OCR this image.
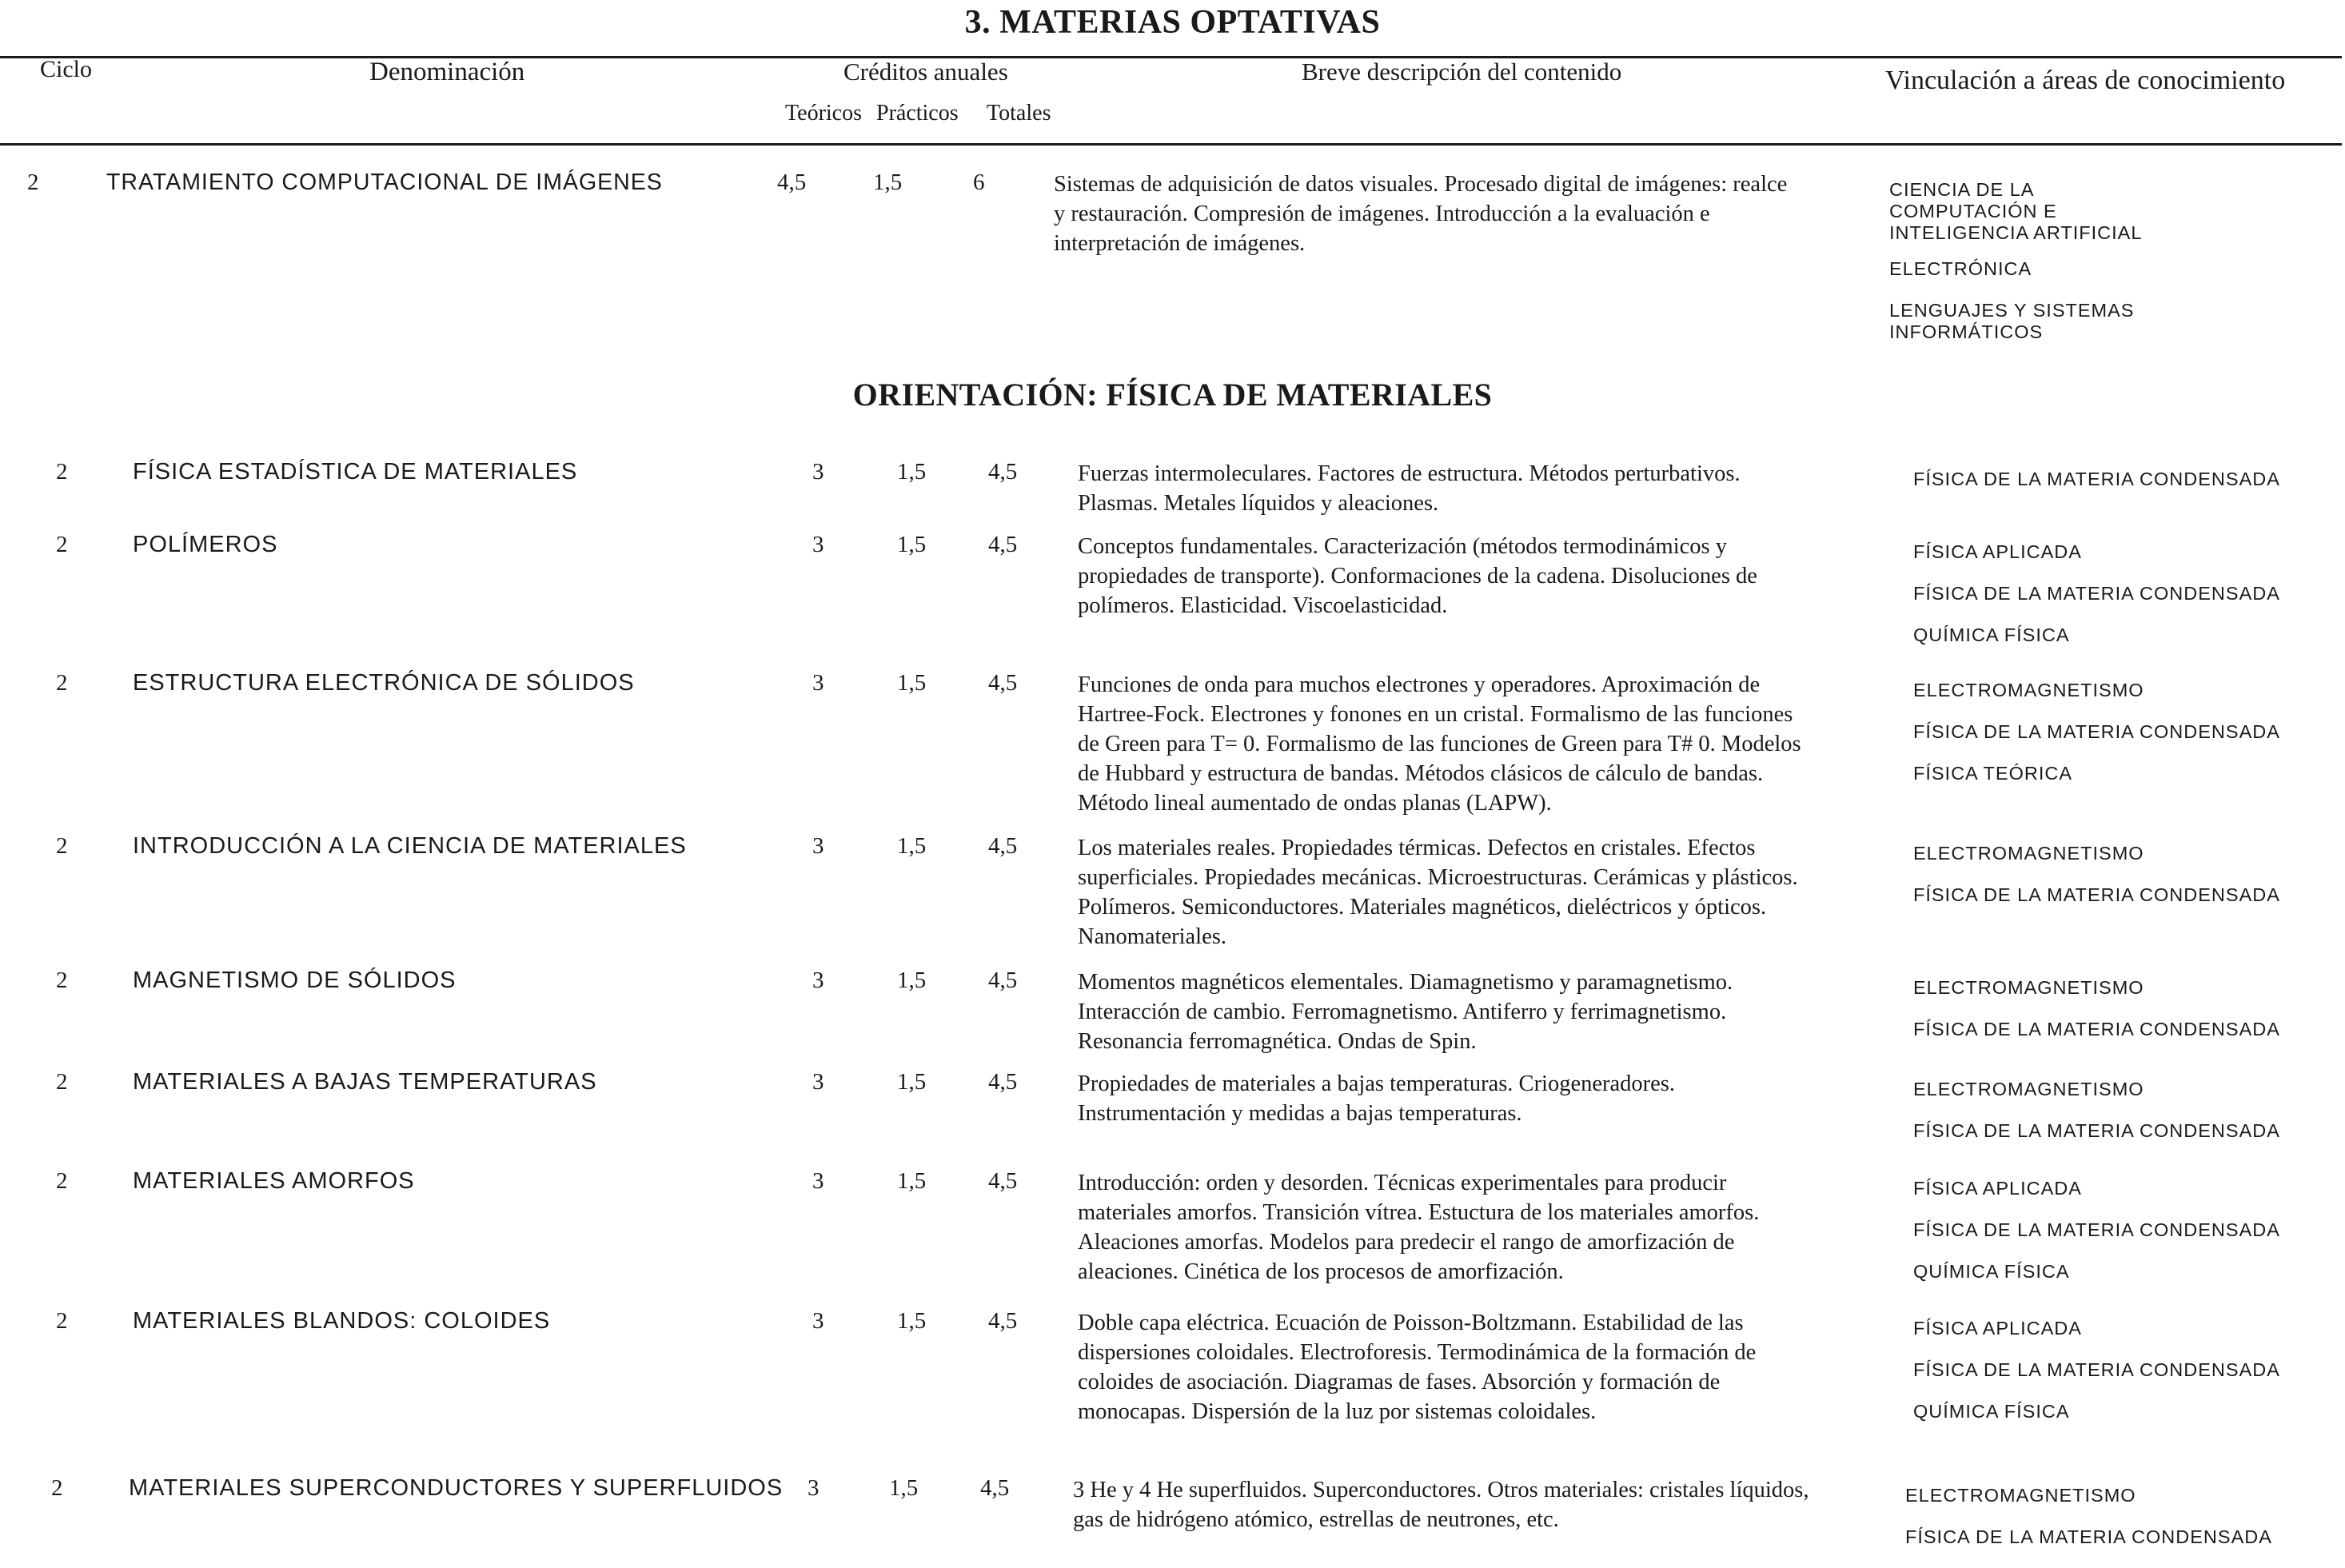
3. MATERIAS OPTATIVAS
Ciclo	Denominación	Créditos anuales
Teóricos Prácticos Totales
Breve descripción del contenido	Vinculación a áreas de conocimiento
2	TRATAMIENTO COMPUTACIONAL DE IMÁGENES	4,5	1,5	6	Sistemas de adquisición de datos visuales. Procesado digital de imágenes: realce
y restauración. Compresión de imágenes. Introducción a la evaluación e
interpretación de imágenes.
CIENCIA DE LA COMPUTACIÓN E INTELIGENCIA ARTIFICIAL
ELECTRÓNICA
LENGUAJES Y SISTEMAS INFORMÁTICOS
ORIENTACIÓN: FÍSICA DE MATERIALES
2	FÍSICA ESTADÍSTICA DE MATERIALES	3	1,5	4,5	Fuerzas intermoleculares. Factores de estructura. Métodos perturbativos.
Plasmas. Metales líquidos y aleaciones.
FÍSICA DE LA MATERIA CONDENSADA
2	POLÍMEROS	3	1,5	4,5	Conceptos fundamentales. Caracterización (métodos termodinámicos y
propiedades de transporte). Conformaciones de la cadena. Disoluciones de
polímeros. Elasticidad. Viscoelasticidad.
FÍSICA APLICADA
FÍSICA DE LA MATERIA CONDENSADA
QUÍMICA FÍSICA
2	ESTRUCTURA ELECTRÓNICA DE SÓLIDOS	3	1,5	4,5	Funciones de onda para muchos electrones y operadores. Aproximación de
Hartree-Fock. Electrones y fonones en un cristal. Formalismo de las funciones
de Green para T= 0. Formalismo de las funciones de Green para T# 0. Modelos
de Hubbard y estructura de bandas. Métodos clásicos de cálculo de bandas.
Método lineal aumentado de ondas planas (LAPW).
ELECTROMAGNETISMO
FÍSICA DE LA MATERIA CONDENSADA
FÍSICA TEÓRICA
2	INTRODUCCIÓN A LA CIENCIA DE MATERIALES	3	1,5	4,5	Los materiales reales. Propiedades térmicas. Defectos en cristales. Efectos
superficiales. Propiedades mecánicas. Microestructuras. Cerámicas y plásticos.
Polímeros. Semiconductores. Materiales magnéticos, dieléctricos y ópticos.
Nanomateriales.
ELECTROMAGNETISMO
FÍSICA DE LA MATERIA CONDENSADA
2	MAGNETISMO DE SÓLIDOS	3	1,5	4,5	Momentos magnéticos elementales. Diamagnetismo y paramagnetismo.
Interacción de cambio. Ferromagnetismo. Antiferro y ferrimagnetismo.
Resonancia ferromagnética. Ondas de Spin.
ELECTROMAGNETISMO
FÍSICA DE LA MATERIA CONDENSADA
2	MATERIALES A BAJAS TEMPERATURAS	3	1,5	4,5	Propiedades de materiales a bajas temperaturas. Criogeneradores.
Instrumentación y medidas a bajas temperaturas.
ELECTROMAGNETISMO
FÍSICA DE LA MATERIA CONDENSADA
2	MATERIALES AMORFOS	3	1,5	4,5	Introducción: orden y desorden. Técnicas experimentales para producir
materiales amorfos. Transición vítrea. Estuctura de los materiales amorfos.
Aleaciones amorfas. Modelos para predecir el rango de amorfización de
aleaciones. Cinética de los procesos de amorfización.
FÍSICA APLICADA
FÍSICA DE LA MATERIA CONDENSADA
QUÍMICA FÍSICA
2	MATERIALES BLANDOS: COLOIDES	3	1,5	4,5	Doble capa eléctrica. Ecuación de Poisson-Boltzmann. Estabilidad de las
dispersiones coloidales. Electroforesis. Termodinámica de la formación de
coloides de asociación. Diagramas de fases. Absorción y formación de
monocapas. Dispersión de la luz por sistemas coloidales.
FÍSICA APLICADA
FÍSICA DE LA MATERIA CONDENSADA
QUÍMICA FÍSICA
2	MATERIALES SUPERCONDUCTORES Y SUPERFLUIDOS 3	1,5	4,5	3 He y 4 He superfluidos. Superconductores. Otros materiales: cristales líquidos,
gas de hidrógeno atómico, estrellas de neutrones, etc.
ELECTROMAGNETISMO
FÍSICA DE LA MATERIA CONDENSADA
